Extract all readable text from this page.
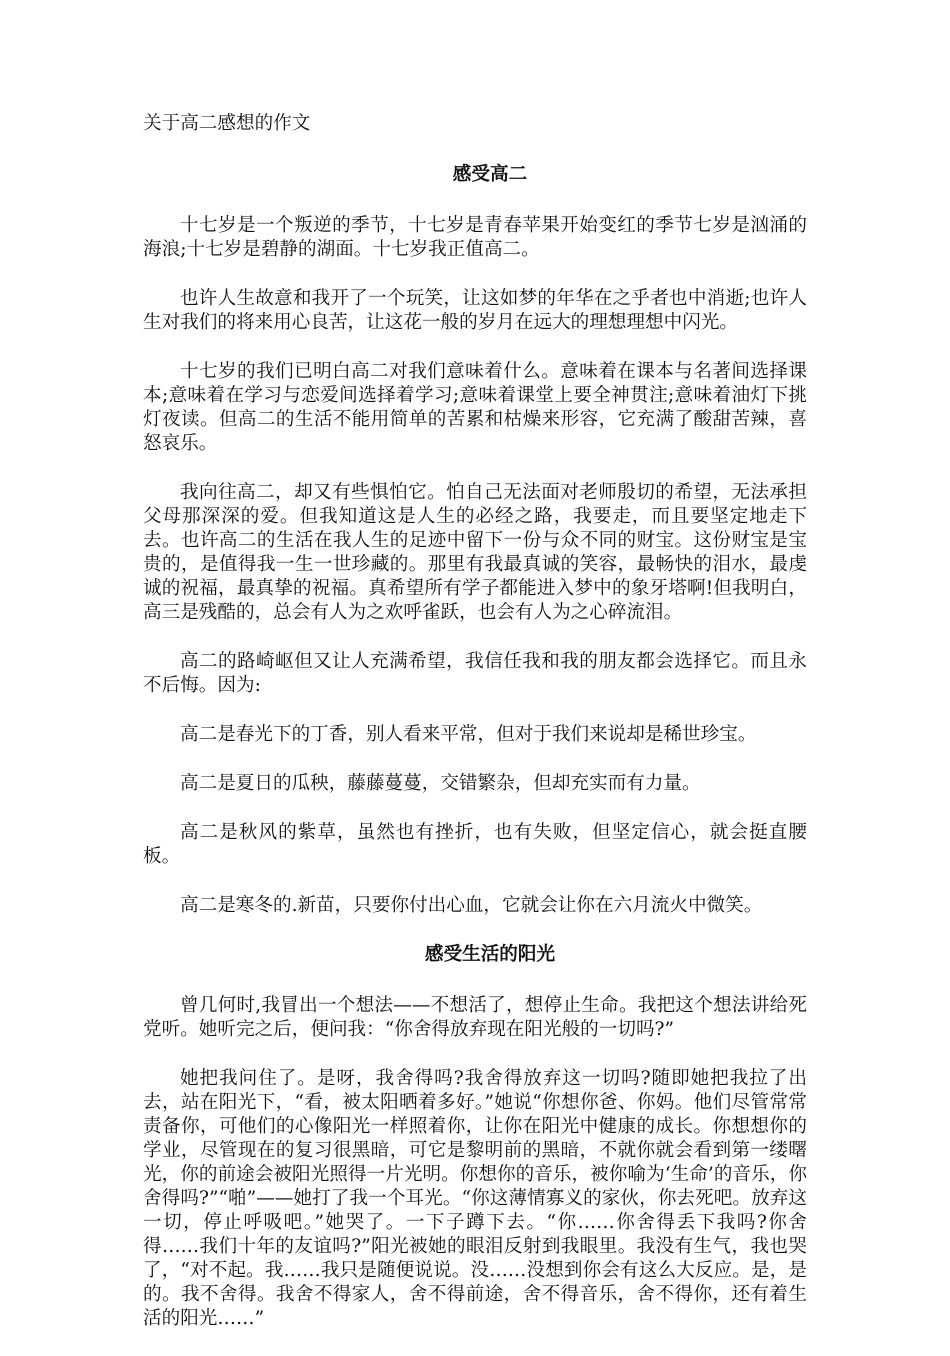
关于高二感想的作文
感受高二

十七岁是一个叛逆的季节，十七岁是青春苹果开始变红的季节七岁是汹涌的海浪;十七岁是碧静的湖面。十七岁我正值高二。

也许人生故意和我开了一个玩笑，让这如梦的年华在之乎者也中消逝;也许人生对我们的将来用心良苦，让这花一般的岁月在远大的理想理想中闪光。

十七岁的我们已明白高二对我们意味着什么。意味着在课本与名著间选择课本;意味着在学习与恋爱间选择着学习;意味着课堂上要全神贯注;意味着油灯下挑灯夜读。但高二的生活不能用简单的苦累和枯燥来形容，它充满了酸甜苦辣，喜怒哀乐。

我向往高二，却又有些惧怕它。怕自己无法面对老师殷切的希望，无法承担父母那深深的爱。但我知道这是人生的必经之路，我要走，而且要坚定地走下去。也许高二的生活在我人生的足迹中留下一份与众不同的财宝。这份财宝是宝贵的，是值得我一生一世珍藏的。那里有我最真诚的笑容，最畅快的泪水，最虔诚的祝福，最真挚的祝福。真希望所有学子都能进入梦中的象牙塔啊!但我明白，高三是残酷的，总会有人为之欢呼雀跃，也会有人为之心碎流泪。

高二的路崎岖但又让人充满希望，我信任我和我的朋友都会选择它。而且永不后悔。因为:

高二是春光下的丁香，别人看来平常，但对于我们来说却是稀世珍宝。

高二是夏日的瓜秧，藤藤蔓蔓，交错繁杂，但却充实而有力量。

高二是秋风的紫草，虽然也有挫折，也有失败，但坚定信心，就会挺直腰板。

高二是寒冬的.新苗，只要你付出心血，它就会让你在六月流火中微笑。

感受生活的阳光

曾几何时,我冒出一个想法——不想活了，想停止生命。我把这个想法讲给死党听。她听完之后，便问我：“你舍得放弃现在阳光般的一切吗?”

她把我问住了。是呀，我舍得吗?我舍得放弃这一切吗?随即她把我拉了出去，站在阳光下，“看，被太阳晒着多好。”她说“你想你爸、你妈。他们尽管常常责备你，可他们的心像阳光一样照着你，让你在阳光中健康的成长。你想想你的学业，尽管现在的复习很黑暗，可它是黎明前的黑暗，不就你就会看到第一缕曙光，你的前途会被阳光照得一片光明。你想你的音乐，被你喻为‘生命’的音乐，你舍得吗?”“啪”——她打了我一个耳光。“你这薄情寡义的家伙，你去死吧。放弃这一切，停止呼吸吧。”她哭了。一下子蹲下去。“你……你舍得丢下我吗?你舍得……我们十年的友谊吗?”阳光被她的眼泪反射到我眼里。我没有生气，我也哭了，“对不起。我……我只是随便说说。没……没想到你会有这么大反应。是，是的。我不舍得。我舍不得家人，舍不得前途，舍不得音乐，舍不得你，还有着生活的阳光……”
